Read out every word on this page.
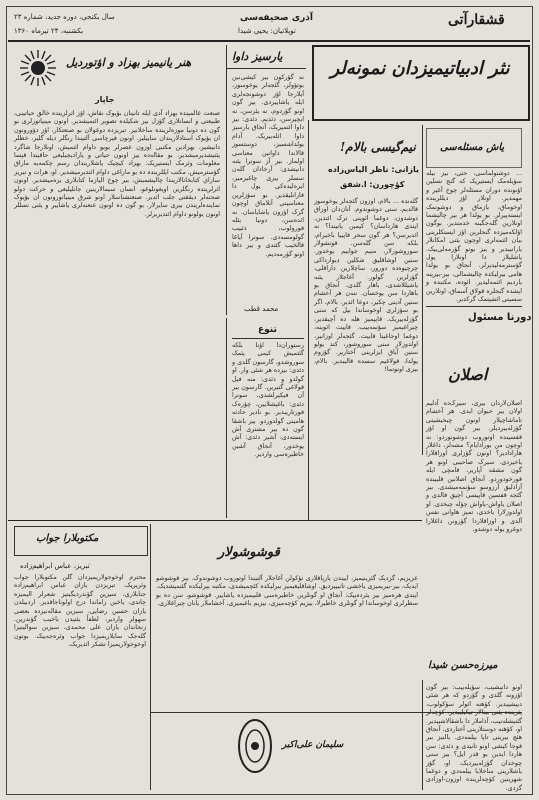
قشقارآتی
آذری صحیفه‌سی
توپلاتیان: یحیی شیدا
سال یکنجی، دوره جدید، شماره ۲۳
یکشنبه، ۲۴ تیرماه ۱۳۶۰
هنر یانیمیز بهزاد و اؤتوردیل
جاپار
یارسیز داوا
نثر ادبیاتیمیزدان نمونه‌لر
یاش مسئله‌سی
… دوشنولماسی، حتی، بیز بیله سؤیله‌مک ایستیریک که گنج نسلین اؤنونده دوران مسئله‌لر چوخ آغیر و مهمدیر. اونلار اؤز دیللرینده اوخوماق، یازماق و دوشونمک ایسته‌ییرلر. بو یولدا هر بیر چالیشما اونلارین گله‌جگینه خدمتدیر. بوگون اؤلکه‌میزده گنجلرین اؤز ایستکلرینی بیان ائتمه‌لری اوچون یئنی امکانلار یارانیبدیر و بیز بونو گؤرمه‌لی‌ییک. یاشلیلار دا اونلارا یول گؤسترمه‌لیدیرلر. آنجاق بو یولدا هامی بیرلیکده چالیشمالی، بیر-بیرینه یاردیم ائتمه‌لیدیر. ائوده، مکتبده و ایشده گنجلره قولاق آسماق، اونلارین سسینی ائشیتمک گرکدیر.
نیم‌گیسی بالام!
یازانی: ناظر الیاس‌زاده
کؤچورن: ا.شفق
گله‌نده … بالام، اوزون گئجه‌لر یوخوسوز قالدیم، سنی دوشوندوم. آنان‌دان اوزاق دوشدون، دوغما ائوینی ترک ائتدین. ایندی هارداسان؟ کیمین یانیندا؟ نه ائدیرسن؟ هر گون سحر قاپییا باخیرام، بلکه سن گله‌سن. قونشولار سوروشورلار، منیم جوابیم یوخدور. سنین اوشاقلیق شکلین دیوارداکی چرچیوه‌ده دورور، ساچلارین داراقلی، گؤزلرین گولور. آغاجلار یئنه یاشیللاشدی، باهار گلدی، آنجاق بو باهاردا سن یوخسان. ننه‌ن هر آخشام سنین آدینی چکیر، دوعا ائدیر. بالام، اگر بو سؤزلری اوخوساندا بیل که سنی گؤزله‌ییریک. قاپیمیز هله ده آچیقدیر، چیراغیمیز سؤنمه‌ییب. قاییت ائوینه، دوغما اوجاغینا قاییت. گئجه‌لر اوزانیر، اولدوزلار سنی سوروشور، کند یولو سنین آیاق ایزلرینی آختاریر. گؤزوم یولدا، قولاغیم سسده قالیبدیر. بالام، بیزی اونوتما!
نه گؤرکون بیر کیشی‌نین بوتؤولر، گئجه‌لر یوخوسوز، آیلارجا اؤز دوشونجه‌لری ایله یاشاییردی. بیر گون اونو گؤردوم، نه یئرسن، نه ایچیرسن، دئدیم. دئدی: بیز داوا ائتمیریک، آنجاق یارسیز داوا ائله‌ییریک. آدام یولداشسیز، دوستسوز قالاندا داوانین معناسی اولماز. بیر آز سونرا یئنه دانیشدی: آرخادان گله‌ن سسلر بیزی چاغیرمیر، ایره‌لیده‌کی یول دا قارانلیقدیر. بو سؤزلرین معناسینی آنلاماق اوچون گرک اؤزون یاشایاسان. نه ائده‌سن، دونیا بئله قورولوب، دئییب گولومسه‌دی. سونرا آیاغا قالخیب گئتدی و بیر داها اونو گؤرمه‌دیم.
محمد قطب
صنعت عالمینده بهزاد آدی ایله تانینان بؤیوک نقاش، اؤز اثرلرینده خالق حیاتینی، طبیعتی و انسانلاری گؤزل بیر شکیلده تصویر ائتمیشدیر. اونون مینیاتورلری بو گون ده دونیا موزه‌لرینده ساخلانیر. تبریزده دوغولان بو صنعتکار، اؤز دؤورونون ان بؤیوک استادلاریندان ساییلیر. اونون فیرچاسی آلتیندا رنگلر دیله گلیر، خطلر دانیشیر. بهزادین مکتبی اوزون عصرلر بویو داوام ائتمیش، اونلارجا شاگرد یئتیشدیرمیشدیر. بو مقاله‌ده بیز اونون حیاتی و یارادیجیلیغی حاقیندا قیسا معلومات وئرمک ایستیریک. بهزاد کیچیک یاشلاریندان رسم چکمه‌یه ماراق گؤسترمیش، مکتب ایللرینده ده بو ماراغی داوام ائتدیرمیشدیر. او، هرات و تبریز ساراي کتابخانالاریندا چالیشمیش، بیر چوخ الیازما کتابلاری بزه‌میشدیر. اونون اثرلرینده رنگلرین اویغونلوغو، انسان سیمالارینین جانلیلیغی و حرکت دولو صحنه‌لر دیققتی جلب ائدیر. صنعتشناسلار اونو شرق مینیاتورونون ان بؤیوک نماینده‌لریندن بیری سایرلار. بو گون ده اونون عنعنه‌لری یاشاییر و یئنی نسللر اونون یولونو داوام ائتدیریرلر.
تنوع
رستوران‌دا اؤنا بلکه گئتمیش کیمی یئمک سوروشدو، گارسون گلدی و دئدی: بیزده هر شئی وار. او گولدو و دئدی: منه فیل قولاغی گتیرین. گارسون بیر آن فیکیرلشدی، سونرا دئدی: باغیشلایین، چؤره‌ک قورتاریبدیر. بو نادیر حادثه هامینی گولدوردو. بیر باشقا گون ده بیر مشتری آش ایسته‌دی، آشپز دئدی: آش یوخدور، آنجاق آشین خاطیره‌سی واردیر.
دورنا مسئول
اصلان
اصلان‌لاردان بیری، سیرک‌ده آدلیم اولان بیر حیوان ایدی. هر آخشام تاماشاچیلار اونون چیخیشینی گؤزله‌ییردیلر. بیر گون او اؤز قفسینده اوتوروب دوشونوردو: نه اوچون من بورادایام؟ مشه‌لر، داغلار هارادادیر؟ اونون گؤزلری اوزاقلارا باخیردی. سیرک صاحیبی اونو هر گون مشقه آپاریر، قامچی ایله قورخودوردو. آنجاق اصلانین قلبینده آزادلیق آرزوسو سؤنمه‌میشدی. بیر گئجه قفسین قاپیسی آچیق قالدی و اصلان یاواش-یاواش چؤله چیخدی. او اولدوزلارا باخدی، تمیز هاوانی نفس آلدی و اوزاقلاردا گؤرونن داغلارا دوغرو یوله دوشدو.
میرزه‌حسن شیدا
مکتوبلارا جواب
تبریز، عباس ابراهیم‌زاده
محترم اوخوجولاریمیزدان گلن مکتوبلارا جواب وئریریک. تبریزدن یازان عباس ابراهیم‌زاده جنابلاری، سیزین گؤندردیگینیز شعرلر الیمیزه چاتدی، یاخین زاماندا درج اولوناجاقدیر. اردبیلدن یازان حسین رضایی، سیزین مقاله‌نیزده بعضی سهولر واردیر، لطفاً یئنیدن باخیب گؤندرین. زنجاندان یازان علی محمدی، سیزین سوالینیزا گله‌جک سایلاریمیزدا جواب وئره‌جه‌ییک. بوتون اوخوجولاریمیزا تشکر ائدیریک.
قوشوشولار
عزیزیم، گزدیک گئزینیمیز، اییندن یارپاقلاری تؤکولن آغاجلار آلتیندا اوتوروب دوشوندوک. بیز قوشوشو ایدیک، بیر-بیریمیزی یاخشی تانیییردیق. اوشاقلیغیمیز بیرلیکده کئچمیشدی، مکتبه بیرلیکده گئتمیشدیک. ایندی هره‌میز بیر یئرده‌ییک، آنجاق او گونلرین خاطیره‌سی قلبیمیزده یاشاییر. قوشوشو، سن ده بو سطرلری اوخوساندا او گونلری خاطیرلا، بیزیم کؤچه‌میزی، بیزیم باغیمیزی، آخشاملار یانان چیراغلاری.
سلیمان علی‌اکبر
اونو دانیشیب، سؤیله‌ییب: بیر گون اؤزونه گلدی و گؤردو که هر شئی دییشیبدیر. کؤهنه ائولر سؤکولوب، یئرینده یئنی بینالار تیکیلیبدیر. کؤچه‌لر گئنیشله‌نیب، آداملار دا باشقالاشیبدیر. او، کؤهنه دوستلارینی آختاردی، آنجاق هئچ بیرینی تاپا بیلمه‌دی. یالنیز بیر قوجا کیشی اونو تانیدی و دئدی: سن هاردا ایدین بو قدر ایل؟ بیز سنی چوخدان گؤزله‌ییردیک. او، گؤز یاشلارینی ساخلایا بیلمه‌دی و دوغما شهرینین کؤچه‌لرینده اوزون-اوزادی گزدی.
